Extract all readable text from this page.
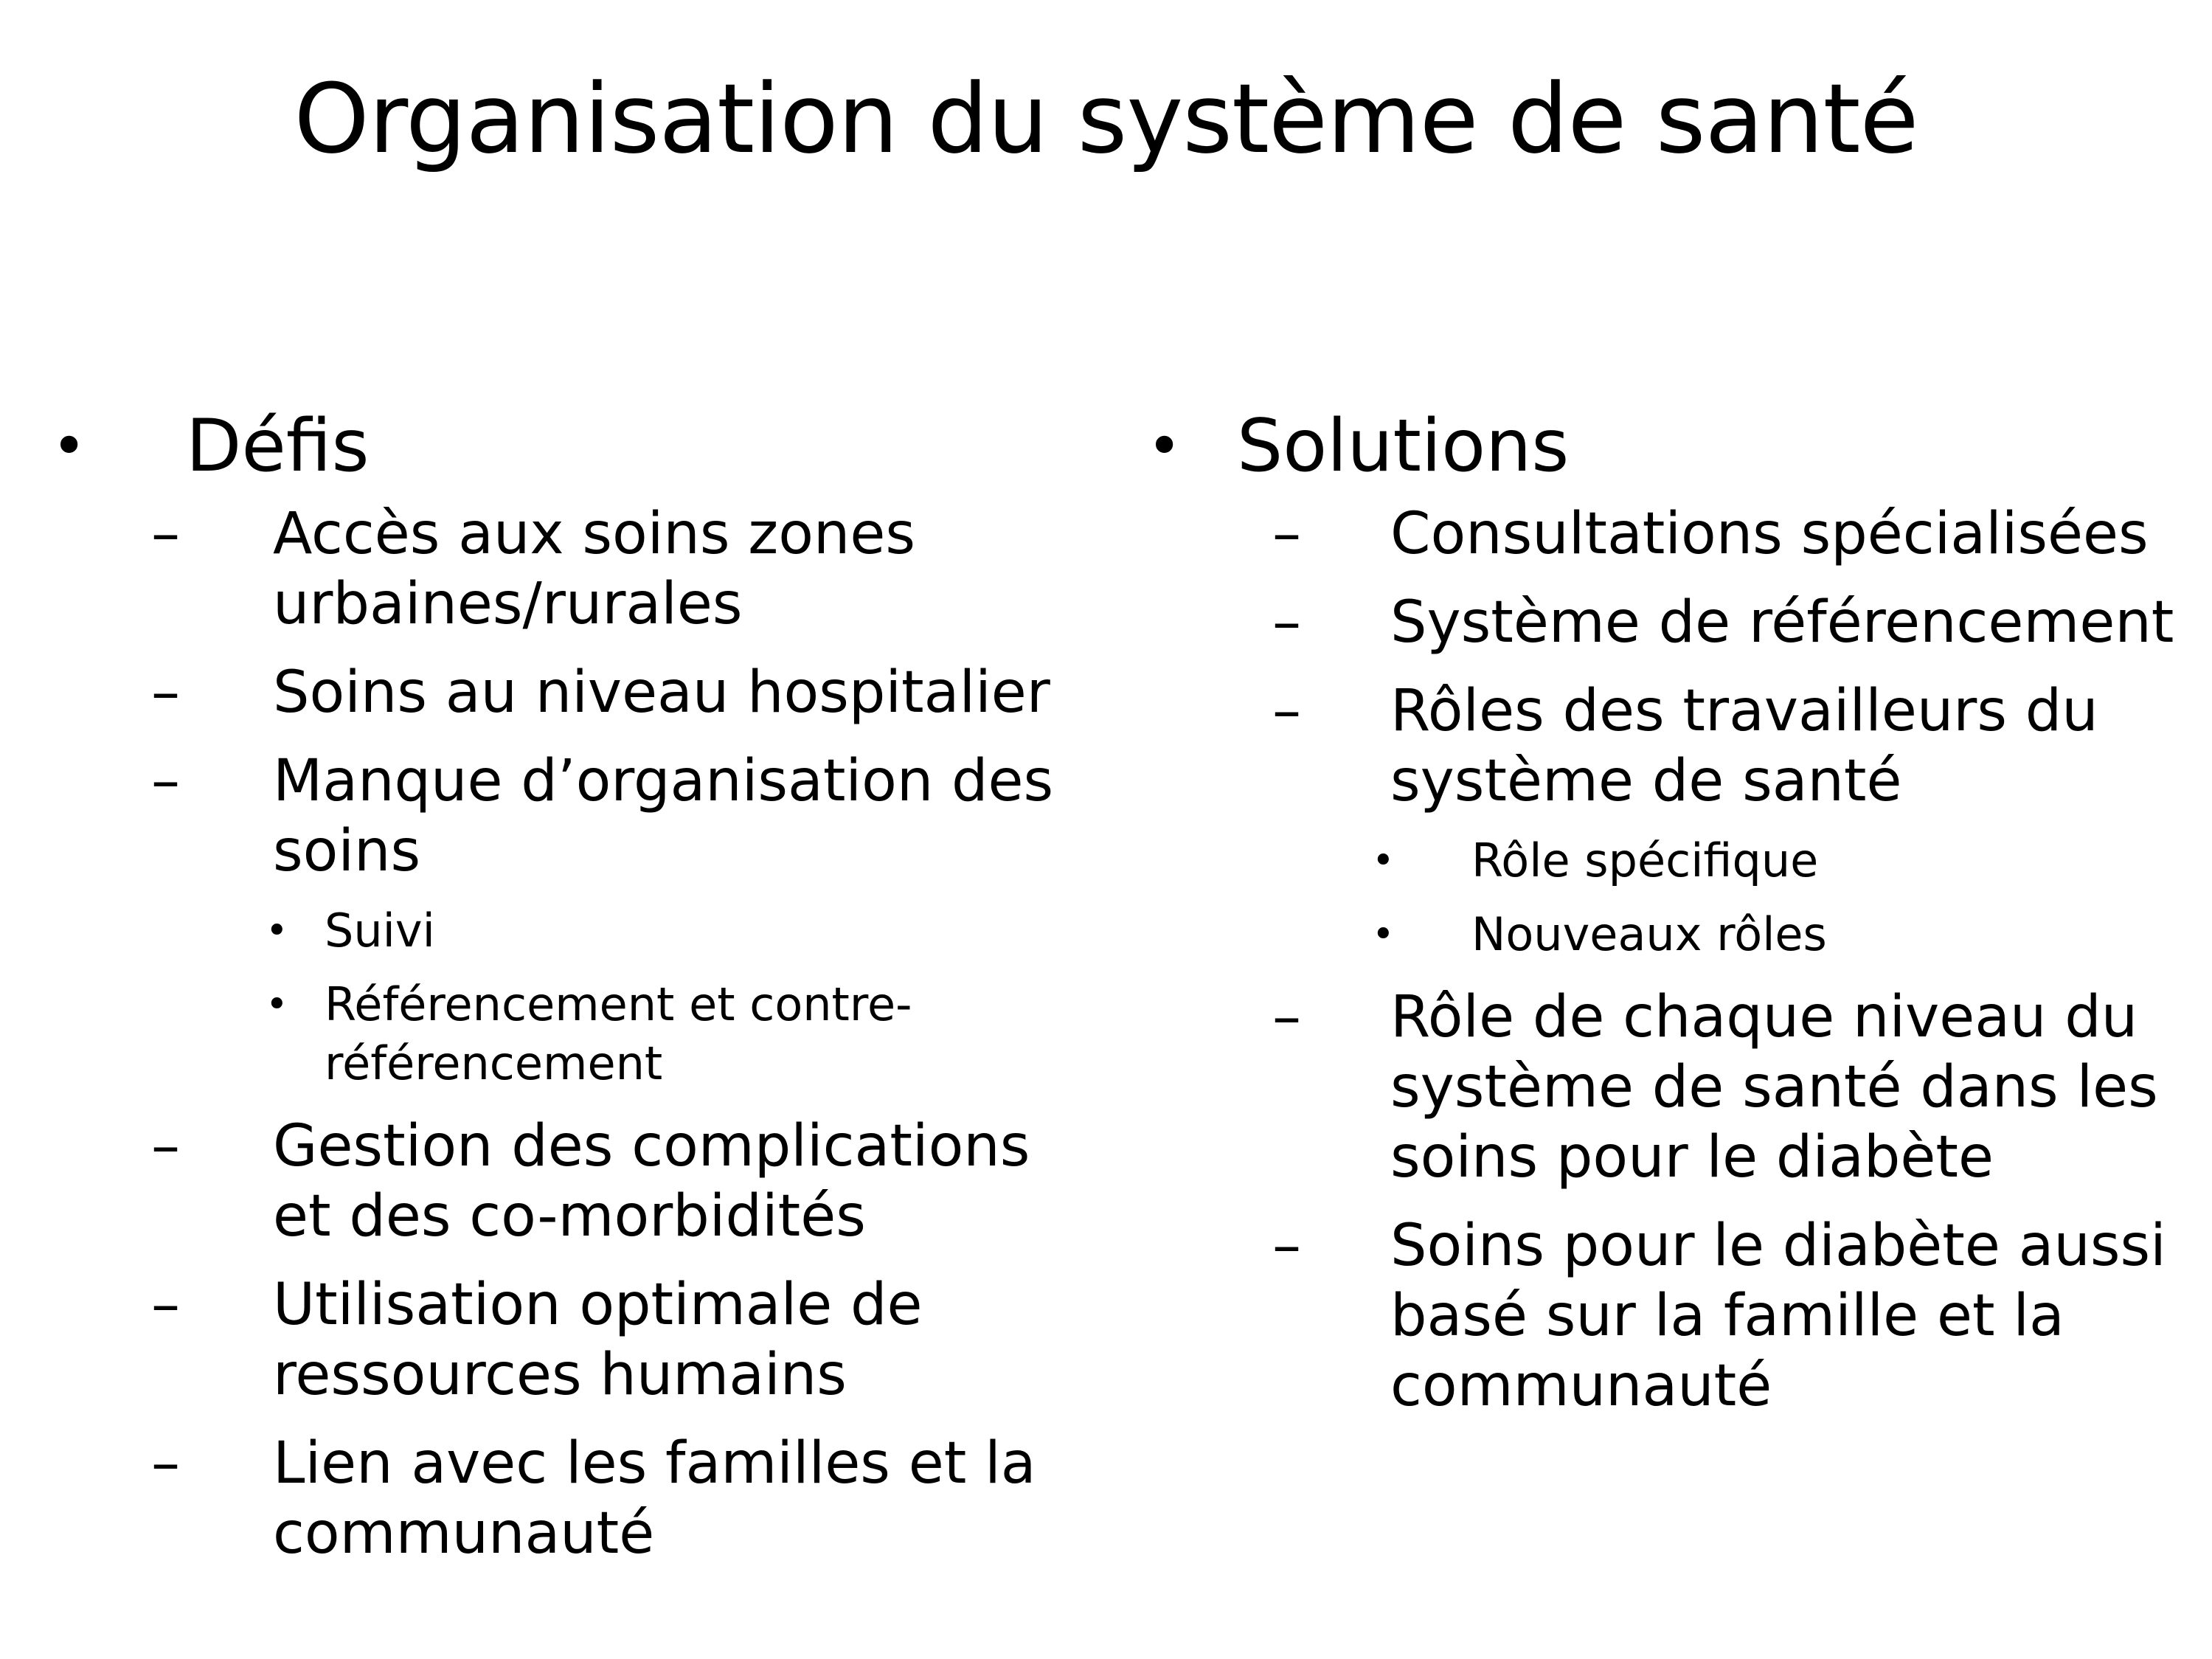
Organisation du système de santé
•	Défis
–	Accès aux soins zones urbaines/rurales
–	Soins au niveau hospitalier
–	Manque d’organisation des soins
• Suivi
• Référencement et contre-référencement
–	Gestion des complications et des co-morbidités
–	Utilisation optimale de ressources humains
–	Lien avec les familles et la communauté
• Solutions
–	Consultations spécialisées
–	Système de référencement
–	Rôles des travailleurs du système de santé
•	Rôle spécifique
•	Nouveaux rôles
–	Rôle de chaque niveau du système de santé dans les soins pour le diabète
–	Soins pour le diabète aussi basé sur la famille et la communauté
